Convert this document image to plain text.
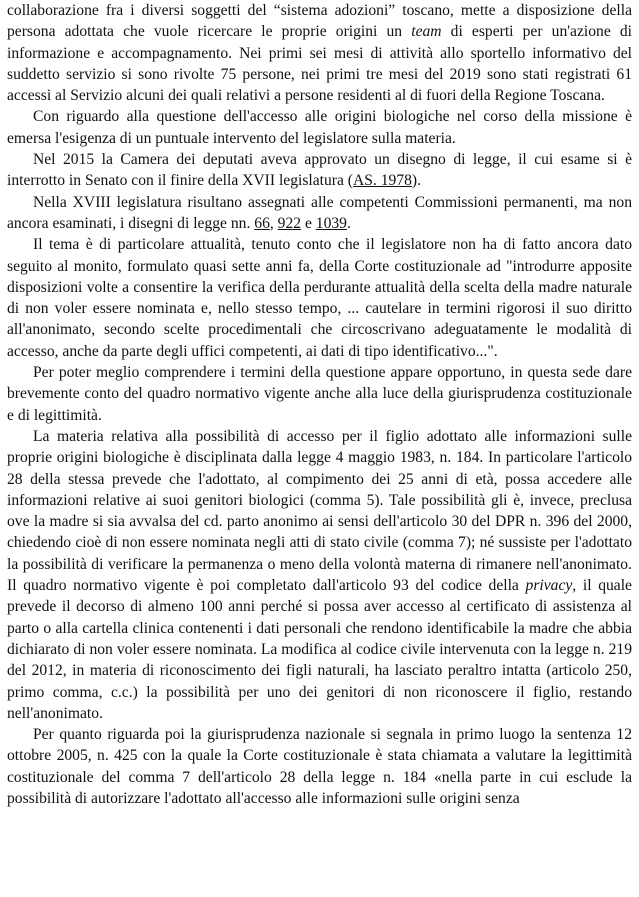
collaborazione fra i diversi soggetti del “sistema adozioni” toscano, mette a disposizione della persona adottata che vuole ricercare le proprie origini un team di esperti per un'azione di informazione e accompagnamento. Nei primi sei mesi di attività allo sportello informativo del suddetto servizio si sono rivolte 75 persone, nei primi tre mesi del 2019 sono stati registrati 61 accessi al Servizio alcuni dei quali relativi a persone residenti al di fuori della Regione Toscana.

Con riguardo alla questione dell'accesso alle origini biologiche nel corso della missione è emersa l'esigenza di un puntuale intervento del legislatore sulla materia.

Nel 2015 la Camera dei deputati aveva approvato un disegno di legge, il cui esame si è interrotto in Senato con il finire della XVII legislatura (AS. 1978).

Nella XVIII legislatura risultano assegnati alle competenti Commissioni permanenti, ma non ancora esaminati, i disegni di legge nn. 66, 922 e 1039.

Il tema è di particolare attualità, tenuto conto che il legislatore non ha di fatto ancora dato seguito al monito, formulato quasi sette anni fa, della Corte costituzionale ad "introdurre apposite disposizioni volte a consentire la verifica della perdurante attualità della scelta della madre naturale di non voler essere nominata e, nello stesso tempo, ... cautelare in termini rigorosi il suo diritto all'anonimato, secondo scelte procedimentali che circoscrivano adeguatamente le modalità di accesso, anche da parte degli uffici competenti, ai dati di tipo identificativo...".

Per poter meglio comprendere i termini della questione appare opportuno, in questa sede dare brevemente conto del quadro normativo vigente anche alla luce della giurisprudenza costituzionale e di legittimità.

La materia relativa alla possibilità di accesso per il figlio adottato alle informazioni sulle proprie origini biologiche è disciplinata dalla legge 4 maggio 1983, n. 184. In particolare l'articolo 28 della stessa prevede che l'adottato, al compimento dei 25 anni di età, possa accedere alle informazioni relative ai suoi genitori biologici (comma 5). Tale possibilità gli è, invece, preclusa ove la madre si sia avvalsa del cd. parto anonimo ai sensi dell'articolo 30 del DPR n. 396 del 2000, chiedendo cioè di non essere nominata negli atti di stato civile (comma 7); né sussiste per l'adottato la possibilità di verificare la permanenza o meno della volontà materna di rimanere nell'anonimato. Il quadro normativo vigente è poi completato dall'articolo 93 del codice della privacy, il quale prevede il decorso di almeno 100 anni perché si possa aver accesso al certificato di assistenza al parto o alla cartella clinica contenenti i dati personali che rendono identificabile la madre che abbia dichiarato di non voler essere nominata. La modifica al codice civile intervenuta con la legge n. 219 del 2012, in materia di riconoscimento dei figli naturali, ha lasciato peraltro intatta (articolo 250, primo comma, c.c.) la possibilità per uno dei genitori di non riconoscere il figlio, restando nell'anonimato.

Per quanto riguarda poi la giurisprudenza nazionale si segnala in primo luogo la sentenza 12 ottobre 2005, n. 425 con la quale la Corte costituzionale è stata chiamata a valutare la legittimità costituzionale del comma 7 dell'articolo 28 della legge n. 184 «nella parte in cui esclude la possibilità di autorizzare l'adottato all'accesso alle informazioni sulle origini senza
